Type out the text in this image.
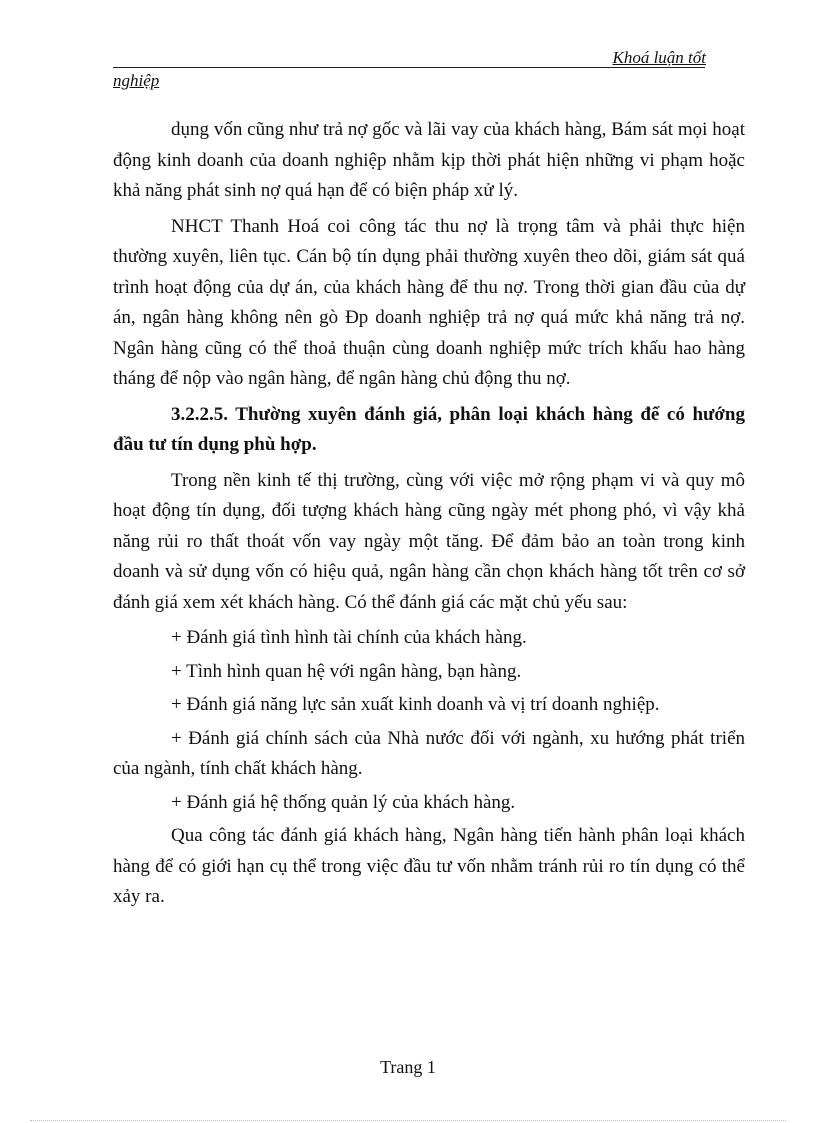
Khoá luận tốt
nghiệp

dụng vốn cũng như trả nợ gốc và lãi vay của khách hàng, Bám sát mọi hoạt động kinh doanh của doanh nghiệp nhằm kịp thời phát hiện những vi phạm hoặc khả năng phát sinh nợ quá hạn để có biện pháp xử lý.

NHCT Thanh Hoá coi công tác thu nợ là trọng tâm và phải thực hiện thường xuyên, liên tục. Cán bộ tín dụng phải thường xuyên theo dõi, giám sát quá trình hoạt động của dự án, của khách hàng để thu nợ. Trong thời gian đầu của dự án, ngân hàng không nên gò Đp doanh nghiệp trả nợ quá mức khả năng trả nợ. Ngân hàng cũng có thể thoả thuận cùng doanh nghiệp mức trích khấu hao hàng tháng để nộp vào ngân hàng, để ngân hàng chủ động thu nợ.

3.2.2.5. Thường xuyên đánh giá, phân loại khách hàng để có hướng đầu tư tín dụng phù hợp.

Trong nền kinh tế thị trường, cùng với việc mở rộng phạm vi và quy mô hoạt động tín dụng, đối tượng khách hàng cũng ngày mét phong phó, vì vậy khả năng rủi ro thất thoát vốn vay ngày một tăng. Để đảm bảo an toàn trong kinh doanh và sử dụng vốn có hiệu quả, ngân hàng cần chọn khách hàng tốt trên cơ sở đánh giá xem xét khách hàng. Có thể đánh giá các mặt chủ yếu sau:

+ Đánh giá tình hình tài chính của khách hàng.

+ Tình hình quan hệ với ngân hàng, bạn hàng.

+ Đánh giá năng lực sản xuất kinh doanh và vị trí doanh nghiệp.

+ Đánh giá chính sách của Nhà nước đối với ngành, xu hướng phát triển của ngành, tính chất khách hàng.

+ Đánh giá hệ thống quản lý của khách hàng.

Qua công tác đánh giá khách hàng, Ngân hàng tiến hành phân loại khách hàng để có giới hạn cụ thể trong việc đầu tư vốn nhằm tránh rủi ro tín dụng có thể xảy ra.

Trang 1
